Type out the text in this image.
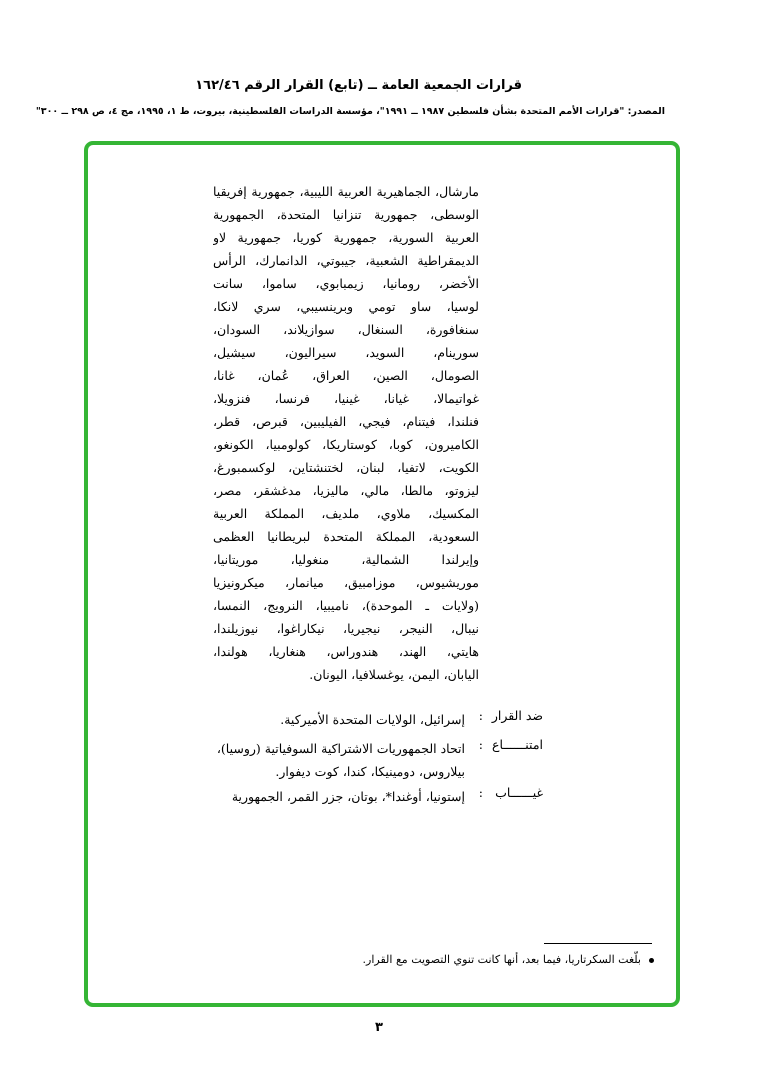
قرارات الجمعية العامة ــ (تابع) القرار الرقم ١٦٢/٤٦
المصدر: "قرارات الأمم المتحدة بشأن فلسطين ١٩٨٧ ــ ١٩٩١"، مؤسسة الدراسات الفلسطينية، بيروت، ط ١، ١٩٩٥، مج ٤، ص ٢٩٨ ــ ٣٠٠"
مارشال، الجماهيرية العربية الليبية، جمهورية إفريقيا
الوسطى، جمهورية تنزانيا المتحدة، الجمهورية
العربية السورية، جمهورية كوريا، جمهورية لاو
الديمقراطية الشعبية، جيبوتي، الدانمارك، الرأس
الأخضر، رومانيا، زيمبابوي، ساموا، سانت
لوسيا، ساو تومي وبرينسيبي، سري لانكا،
سنغافورة، السنغال، سوازيلاند، السودان،
سورينام، السويد، سيراليون، سيشيل،
الصومال، الصين، العراق، عُمان، غانا،
غواتيمالا، غيانا، غينيا، فرنسا، فنزويلا،
فنلندا، فيتنام، فيجي، الفيليبين، قبرص، قطر،
الكاميرون، كوبا، كوستاريكا، كولومبيا، الكونغو،
الكويت، لاتفيا، لبنان، لختنشتاين، لوكسمبورغ،
ليزوتو، مالطا، مالي، ماليزيا، مدغشقر، مصر،
المكسيك، ملاوي، ملديف، المملكة العربية
السعودية، المملكة المتحدة لبريطانيا العظمى
وإيرلندا الشمالية، منغوليا، موريتانيا،
موريشيوس، موزامبيق، ميانمار، ميكرونيزيا
(ولايات ـ الموحدة)، ناميبيا، النرويج، النمسا،
نيبال، النيجر، نيجيريا، نيكاراغوا، نيوزيلندا،
هايتي، الهند، هندوراس، هنغاريا، هولندا،
اليابان، اليمن، يوغسلافيا، اليونان.
ضد القرار
:
إسرائيل، الولايات المتحدة الأميركية.
امتنــــــاع
:
اتحاد الجمهوريات الاشتراكية السوفياتية (روسيا)،
بيلاروس، دومينيكا، كندا، كوت ديفوار.
غيــــــاب
:
إستونيا، أوغندا*، بوتان، جزر القمر، الجمهورية
بلّغت السكرتاريا، فيما بعد، أنها كانت تنوي التصويت مع القرار.
٣
